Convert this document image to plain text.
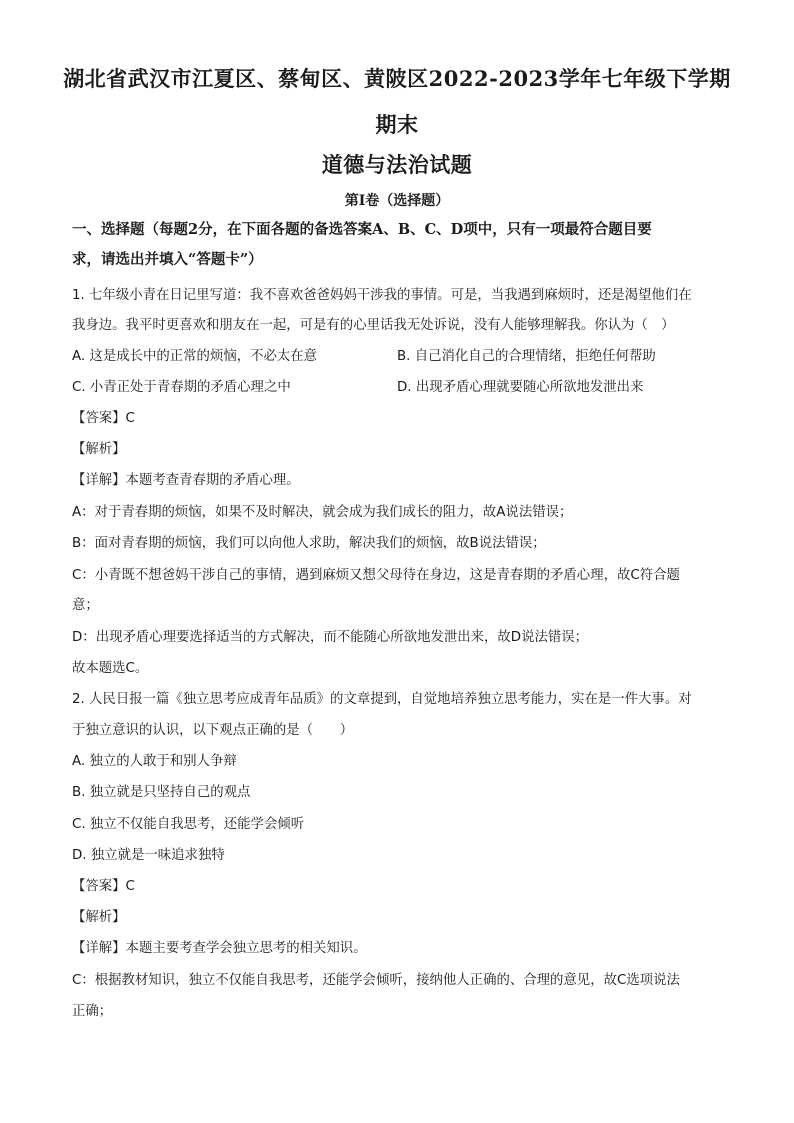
湖北省武汉市江夏区、蔡甸区、黄陂区2022-2023学年七年级下学期
期末
道德与法治试题
第Ⅰ卷（选择题）
一、选择题（每题2分，在下面各题的备选答案A、B、C、D项中，只有一项最符合题目要
求，请选出并填入“答题卡”）
1. 七年级小青在日记里写道：我不喜欢爸爸妈妈干涉我的事情。可是，当我遇到麻烦时，还是渴望他们在
我身边。我平时更喜欢和朋友在一起，可是有的心里话我无处诉说，没有人能够理解我。你认为（　）
A. 这是成长中的正常的烦恼，不必太在意	B. 自己消化自己的合理情绪，拒绝任何帮助
C. 小青正处于青春期的矛盾心理之中	D. 出现矛盾心理就要随心所欲地发泄出来
【答案】C
【解析】
【详解】本题考查青春期的矛盾心理。
A：对于青春期的烦恼，如果不及时解决，就会成为我们成长的阻力，故A说法错误；
B：面对青春期的烦恼，我们可以向他人求助，解决我们的烦恼，故B说法错误；
C：小青既不想爸妈干涉自己的事情，遇到麻烦又想父母待在身边，这是青春期的矛盾心理，故C符合题
意；
D：出现矛盾心理要选择适当的方式解决，而不能随心所欲地发泄出来，故D说法错误；
故本题选C。
2. 人民日报一篇《独立思考应成青年品质》的文章提到，自觉地培养独立思考能力，实在是一件大事。对
于独立意识的认识，以下观点正确的是（　　）
A. 独立的人敢于和别人争辩
B. 独立就是只坚持自己的观点
C. 独立不仅能自我思考，还能学会倾听
D. 独立就是一味追求独特
【答案】C
【解析】
【详解】本题主要考查学会独立思考的相关知识。
C：根据教材知识，独立不仅能自我思考，还能学会倾听，接纳他人正确的、合理的意见，故C选项说法
正确；
